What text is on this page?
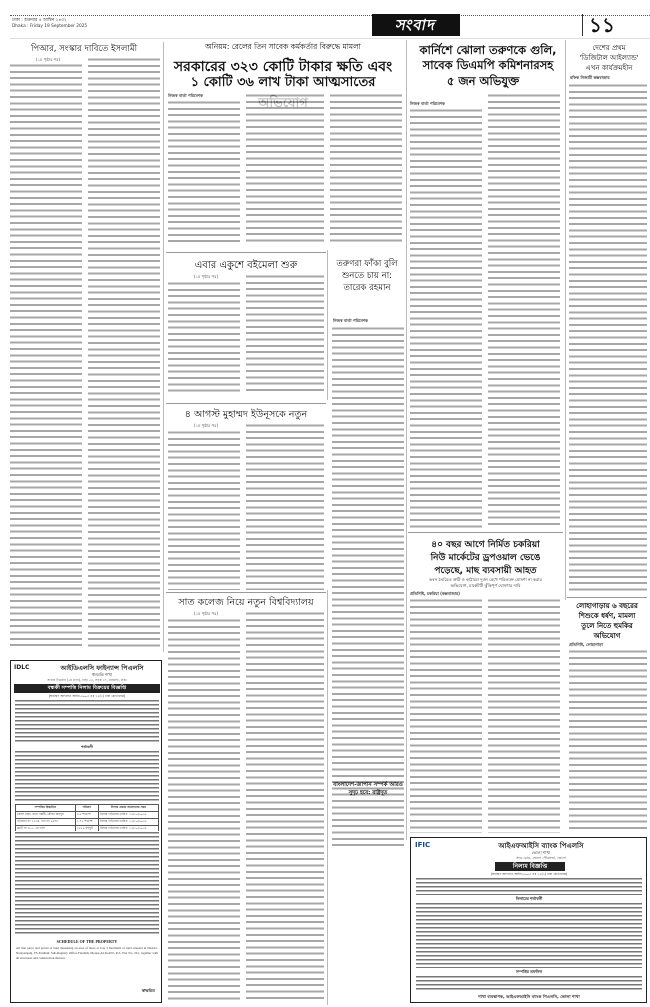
ঢাকা : শুক্রবার ৪ আশ্বিন ১৪৩২
Dhaka : Friday 19 September 2025	সংবাদ	১১
পিআর, সংস্কার দাবিতে ইসলামী
(১ম পৃষ্ঠার পর)
অনিয়ম: রেলের তিন সাবেক কর্মকর্তার বিরুদ্ধে মামলা
সরকারের ৩২৩ কোটি টাকার ক্ষতি এবং
১ কোটি ৩৬ লাখ টাকা আত্মসাতের
নিজস্ব বার্তা পরিবেশক
এবার একুশে বইমেলা শুরু
(১ম পৃষ্ঠার পর)
তরুণরা ফাঁকা বুলি শুনতে চায় না: তারেক রহমান
নিজস্ব বার্তা পরিবেশক
৪ আগস্ট মুহাম্মদ ইউনূসকে নতুন
(১ম পৃষ্ঠার পর)
সাত কলেজ নিয়ে নতুন বিশ্ববিদ্যালয়
(১ম পৃষ্ঠার পর)
কার্নিশে ঝোলা তরুণকে গুলি,
সাবেক ডিএমপি কমিশনারসহ
৫ জন অভিযুক্ত
নিজস্ব বার্তা পরিবেশক
দেশের প্রথম
'ডিজিটাল আইল্যান্ড'
এখন কার্যক্রমহীন
রফিক নিজামী কক্সবাজার
৪০ বছর আগে নির্মিত চকরিয়া
নিউ মার্কেটের ড্রপওয়াল ভেঙে
পড়েছে, মাছ ব্যবসায়ী আহত
ভবন তৈরিতে ত্রুটি ও কাঠামো দুর্বল রেখে পরিত্যক্ত ঘোষণা না করার
অভিযোগ, মার্কেটটি ঝুঁকিপূর্ণ ঘোষণার দাবি
প্রতিনিধি, চকরিয়া (কক্সবাজার)
লোহাগাড়ায় ৬ বছরের
শিশুকে ধর্ষণ, মামলা
তুলে নিতে হুমকির
অভিযোগ
প্রতিনিধি, লোহাগাড়া
বাংলাদেশ-জাপান সম্পর্ক আরও
সুদৃঢ় হবে: রাষ্ট্রদূত
IDLC	আইডিএলসি ফাইন্যান্স পিএলসি
ধানমন্ডি শাখা
সাত্তার টাওয়ার (৫ম তলা), বাড়ি ৫৩, সড়ক ২৭, ধানমন্ডি, ঢাকা
বন্ধকী সম্পত্তি নিলাম বিক্রয়ের বিজ্ঞপ্তি
(অর্থঋণ আদালত আইন-২০০৩ এর ১২(৩) ধারা মোতাবেক)
শর্তাবলী
সম্পত্তির বিস্তারিত	পরিমাণ	নিলাম প্রস্তাব জমাদানের সময়
জেলা ঢাকা, থানা পল্লবী, মৌজা মিরপুর	২.৫ শতাংশ	নিলাম দাখিলের তারিখ: ১৫/১০/২০২৫
খতিয়ান নং ১২৩৪, দাগ নং ৫৬৭৮	১.৭৫ শতাংশ	নিলাম দাখিলের তারিখ: ১৫/১০/২০২৫
ফ্ল্যাট নং এ-৫, ৫ম তলা	১২৫০ বর্গফুট	নিলাম দাখিলের তারিখ: ১৫/১০/২০২৫
SCHEDULE OF THE PROPERTY
All that piece and parcel of land measuring an area of more or less 5 Decimals of land situated in District-Narayanganj, PS-Fatullah, Sub-Registry Office-Fatullah, Mouza-ALIGANJ, R.S. Plot No. 201, together with all structures and construction thereon.
স্বাক্ষরিত
IFIC	আইএফআইসি ব্যাংক পিএলসি
ভোলা শাখা
সদর রোড, ভোলা পৌরসভা, ভোলা
নিলাম বিজ্ঞপ্তি
(অর্থঋণ আদালত আইন-২০০৩ এর ১২(৩) ধারা মোতাবেক)
নিলামের শর্তাবলী
সম্পত্তির তফসিল
শাখা ব্যবস্থাপক, আইএফআইসি ব্যাংক পিএলসি, ভোলা শাখা
